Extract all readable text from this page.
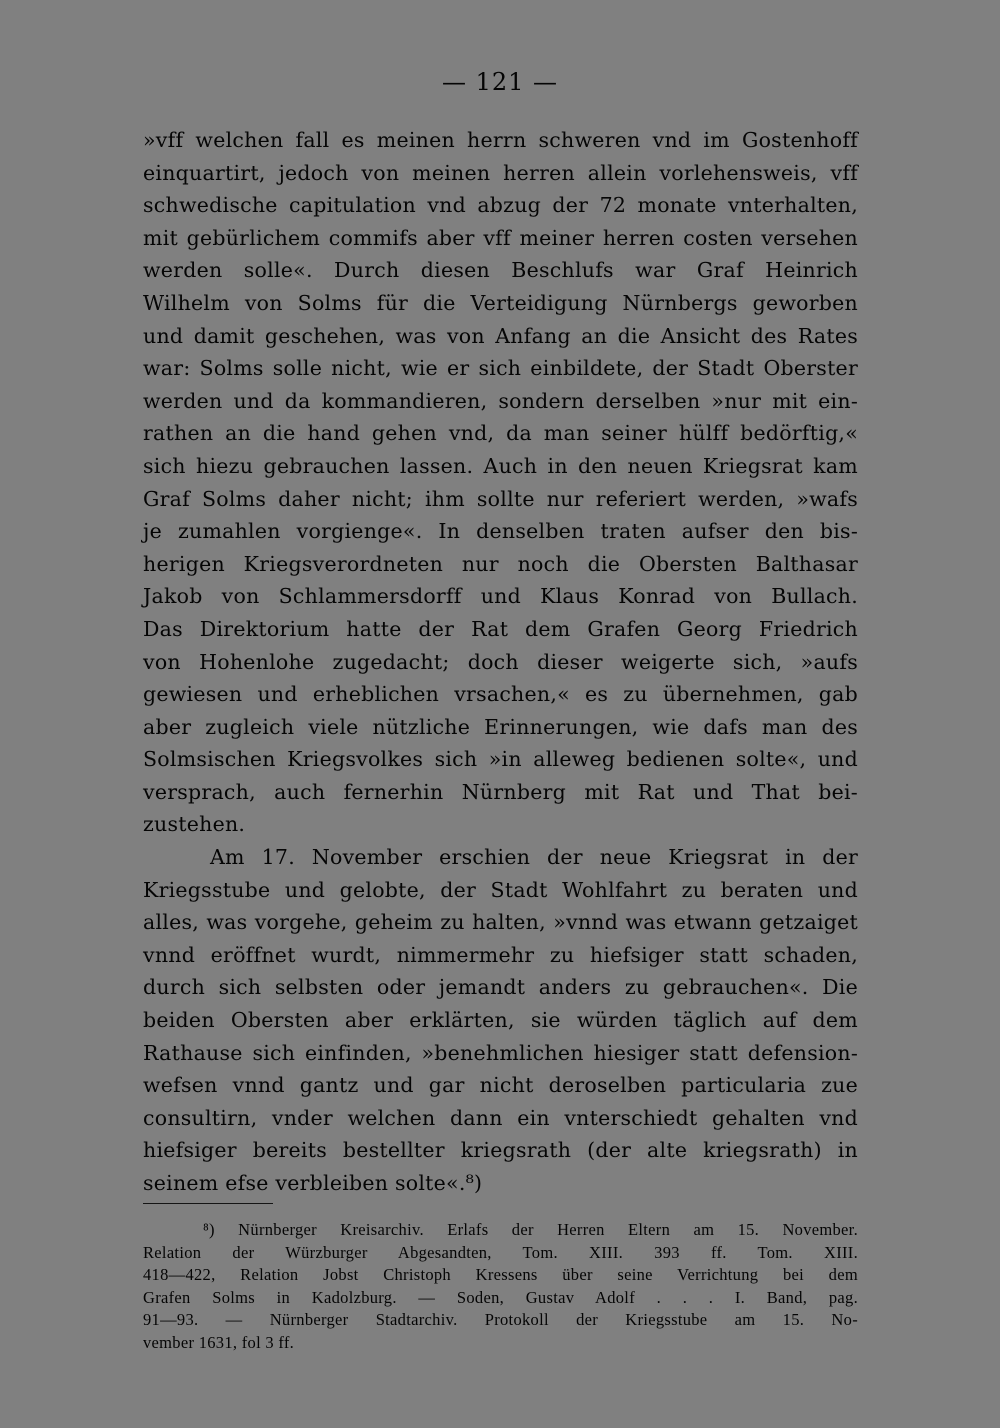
— 121 —
»vff welchen fall es meinen herrn schweren vnd im Gostenhoff
einquartirt, jedoch von meinen herren allein vorlehensweis, vff
schwedische capitulation vnd abzug der 72 monate vnterhalten,
mit gebürlichem commifs aber vff meiner herren costen versehen
werden solle«. Durch diesen Beschlufs war Graf Heinrich
Wilhelm von Solms für die Verteidigung Nürnbergs geworben
und damit geschehen, was von Anfang an die Ansicht des Rates
war: Solms solle nicht, wie er sich einbildete, der Stadt Oberster
werden und da kommandieren, sondern derselben »nur mit ein-
rathen an die hand gehen vnd, da man seiner hülff bedörftig,«
sich hiezu gebrauchen lassen. Auch in den neuen Kriegsrat kam
Graf Solms daher nicht; ihm sollte nur referiert werden, »wafs
je zumahlen vorgienge«. In denselben traten aufser den bis-
herigen Kriegsverordneten nur noch die Obersten Balthasar
Jakob von Schlammersdorff und Klaus Konrad von Bullach.
Das Direktorium hatte der Rat dem Grafen Georg Friedrich
von Hohenlohe zugedacht; doch dieser weigerte sich, »aufs
gewiesen und erheblichen vrsachen,« es zu übernehmen, gab
aber zugleich viele nützliche Erinnerungen, wie dafs man des
Solmsischen Kriegsvolkes sich »in alleweg bedienen solte«, und
versprach, auch fernerhin Nürnberg mit Rat und That bei-
zustehen.
Am 17. November erschien der neue Kriegsrat in der
Kriegsstube und gelobte, der Stadt Wohlfahrt zu beraten und
alles, was vorgehe, geheim zu halten, »vnnd was etwann getzaiget
vnnd eröffnet wurdt, nimmermehr zu hiefsiger statt schaden,
durch sich selbsten oder jemandt anders zu gebrauchen«. Die
beiden Obersten aber erklärten, sie würden täglich auf dem
Rathause sich einfinden, »benehmlichen hiesiger statt defension-
wefsen vnnd gantz und gar nicht deroselben particularia zue
consultirn, vnder welchen dann ein vnterschiedt gehalten vnd
hiefsiger bereits bestellter kriegsrath (der alte kriegsrath) in
seinem efse verbleiben solte«.⁸)
⁸) Nürnberger Kreisarchiv. Erlafs der Herren Eltern am 15. November.
Relation der Würzburger Abgesandten, Tom. XIII. 393 ff. Tom. XIII.
418—422, Relation Jobst Christoph Kressens über seine Verrichtung bei dem
Grafen Solms in Kadolzburg. — Soden, Gustav Adolf . . . I. Band, pag.
91—93. — Nürnberger Stadtarchiv. Protokoll der Kriegsstube am 15. No-
vember 1631, fol 3 ff.
